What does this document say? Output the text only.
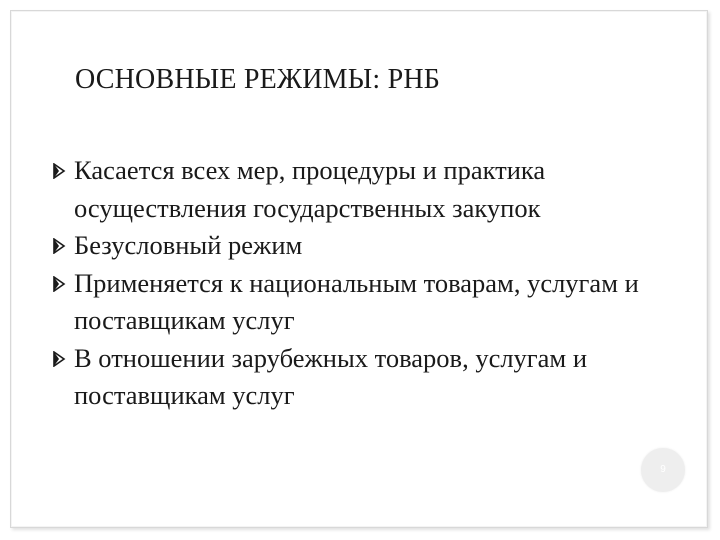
ОСНОВНЫЕ РЕЖИМЫ: РНБ
Касается всех мер, процедуры и практика осуществления государственных закупок
Безусловный режим
Применяется к национальным товарам, услугам и поставщикам услуг
В отношении зарубежных товаров, услугам и поставщикам услуг
9
